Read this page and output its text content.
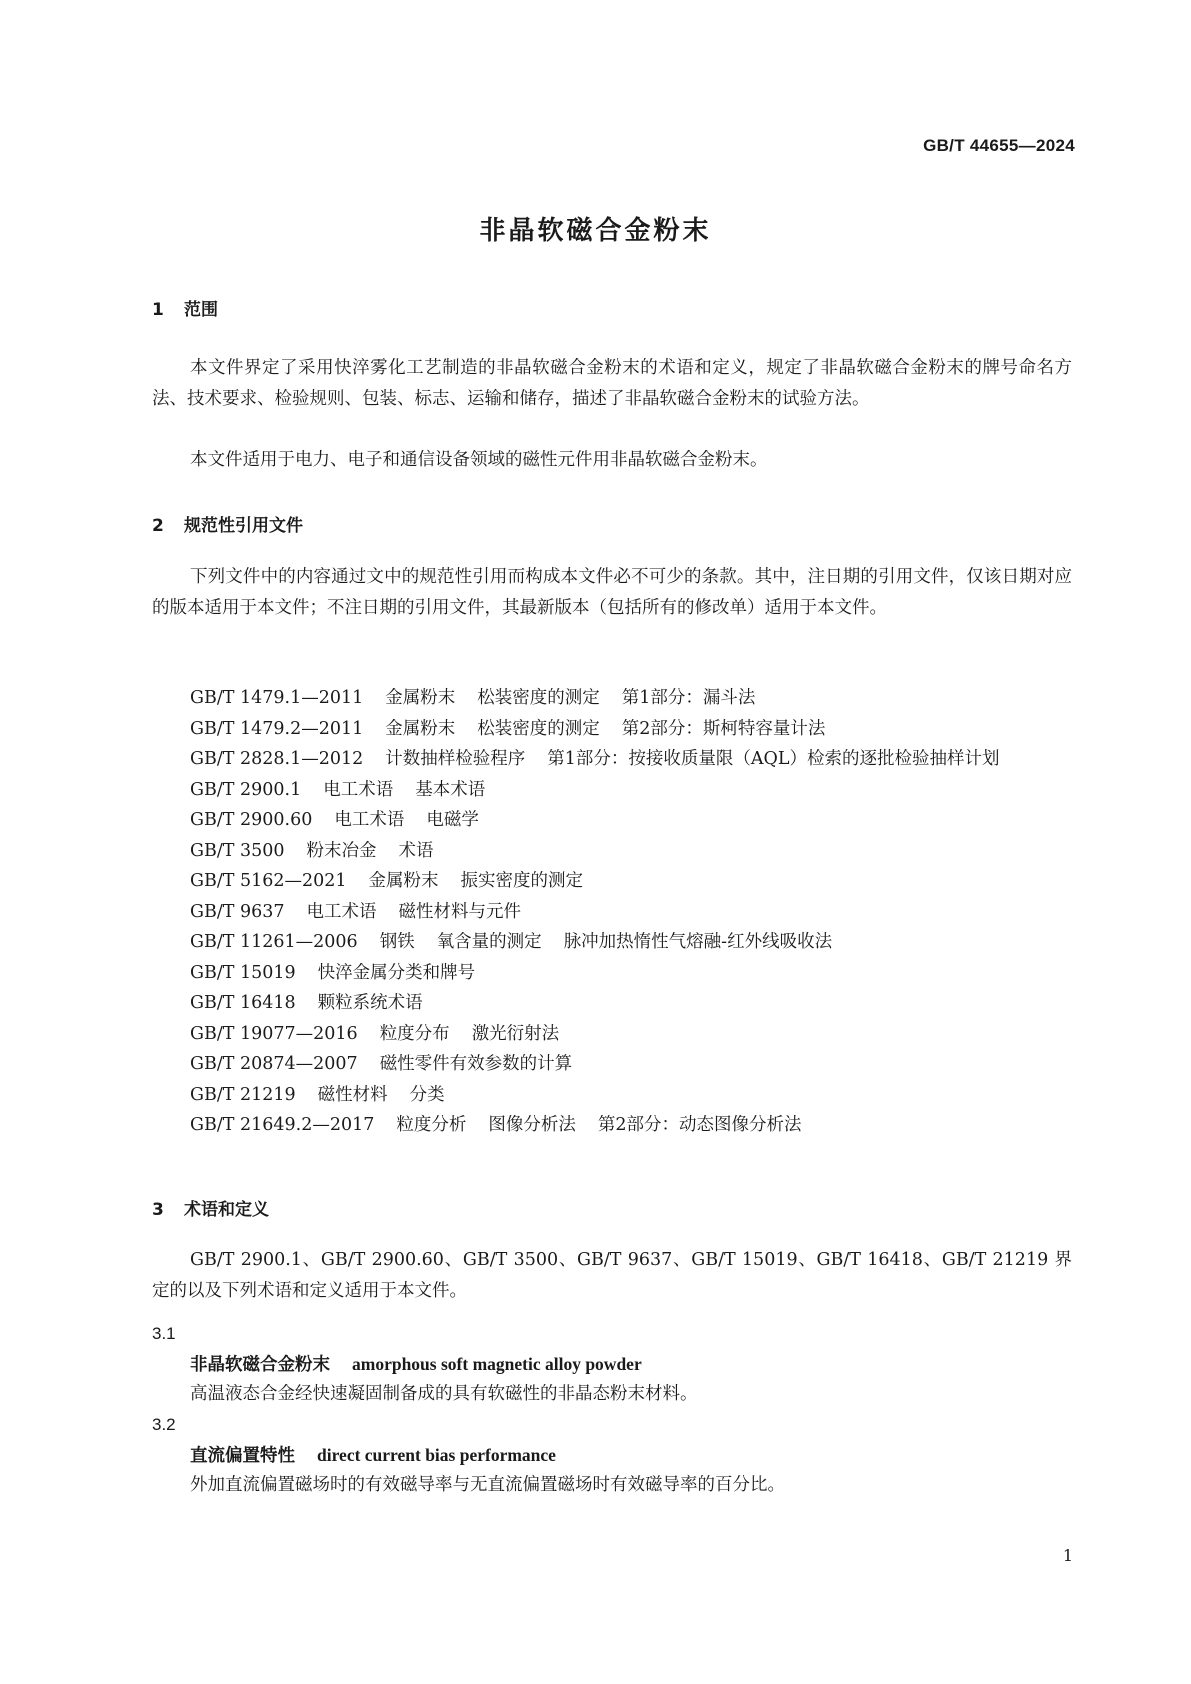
GB/T 44655—2024
非晶软磁合金粉末
1 范围

本文件界定了采用快淬雾化工艺制造的非晶软磁合金粉末的术语和定义，规定了非晶软磁合金粉末的牌号命名方法、技术要求、检验规则、包装、标志、运输和储存，描述了非晶软磁合金粉末的试验方法。

本文件适用于电力、电子和通信设备领域的磁性元件用非晶软磁合金粉末。

2 规范性引用文件

下列文件中的内容通过文中的规范性引用而构成本文件必不可少的条款。其中，注日期的引用文件，仅该日期对应的版本适用于本文件；不注日期的引用文件，其最新版本（包括所有的修改单）适用于本文件。

GB/T 1479.1—2011 金属粉末 松装密度的测定 第1部分：漏斗法
GB/T 1479.2—2011 金属粉末 松装密度的测定 第2部分：斯柯特容量计法
GB/T 2828.1—2012 计数抽样检验程序 第1部分：按接收质量限（AQL）检索的逐批检验抽样计划
GB/T 2900.1 电工术语 基本术语
GB/T 2900.60 电工术语 电磁学
GB/T 3500 粉末冶金 术语
GB/T 5162—2021 金属粉末 振实密度的测定
GB/T 9637 电工术语 磁性材料与元件
GB/T 11261—2006 钢铁 氧含量的测定 脉冲加热惰性气熔融-红外线吸收法
GB/T 15019 快淬金属分类和牌号
GB/T 16418 颗粒系统术语
GB/T 19077—2016 粒度分布 激光衍射法
GB/T 20874—2007 磁性零件有效参数的计算
GB/T 21219 磁性材料 分类
GB/T 21649.2—2017 粒度分析 图像分析法 第2部分：动态图像分析法
3 术语和定义

GB/T 2900.1、GB/T 2900.60、GB/T 3500、GB/T 9637、GB/T 15019、GB/T 16418、GB/T 21219 界定的以及下列术语和定义适用于本文件。

3.1
非晶软磁合金粉末 amorphous soft magnetic alloy powder
高温液态合金经快速凝固制备成的具有软磁性的非晶态粉末材料。
3.2
直流偏置特性 direct current bias performance
外加直流偏置磁场时的有效磁导率与无直流偏置磁场时有效磁导率的百分比。
1
